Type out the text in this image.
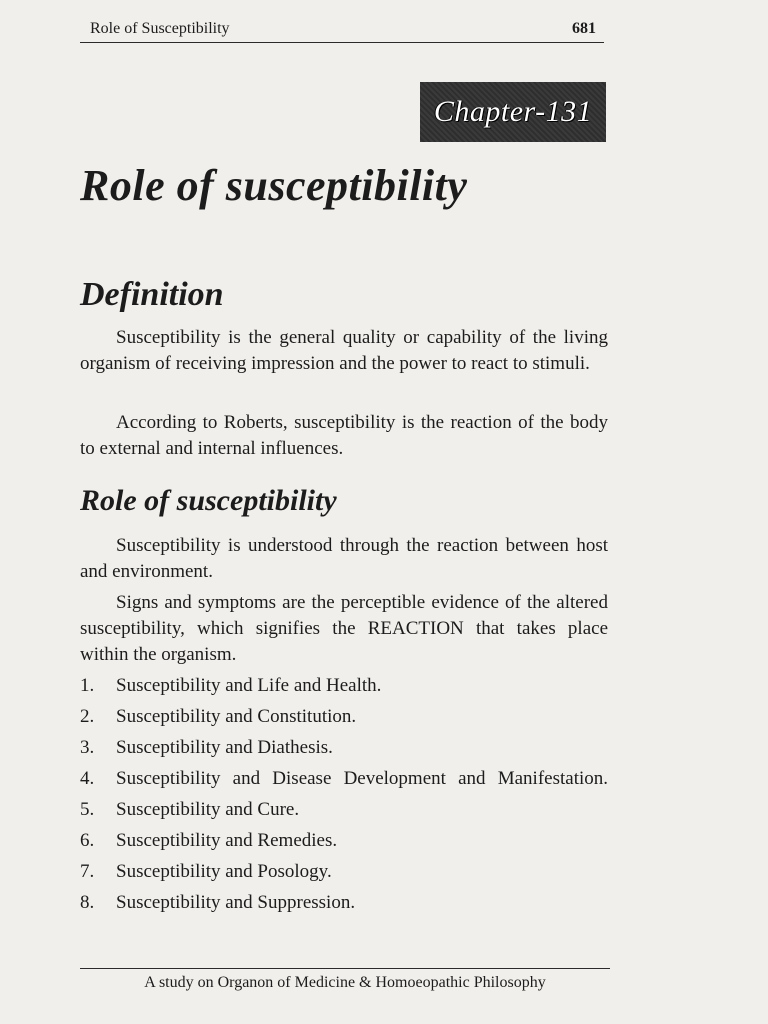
Role of Susceptibility	681
Chapter-131
Role of susceptibility
Definition

Susceptibility is the general quality or capability of the living organism of receiving impression and the power to react to stimuli.

According to Roberts, susceptibility is the reaction of the body to external and internal influences.

Role of susceptibility

Susceptibility is understood through the reaction between host and environment.

Signs and symptoms are the perceptible evidence of the altered susceptibility, which signifies the REACTION that takes place within the organism.

1. Susceptibility and Life and Health.
2. Susceptibility and Constitution.
3. Susceptibility and Diathesis.
4. Susceptibility and Disease Development and Manifestation.
5. Susceptibility and Cure.
6. Susceptibility and Remedies.
7. Susceptibility and Posology.
8. Susceptibility and Suppression.
A study on Organon of Medicine & Homoeopathic Philosophy
